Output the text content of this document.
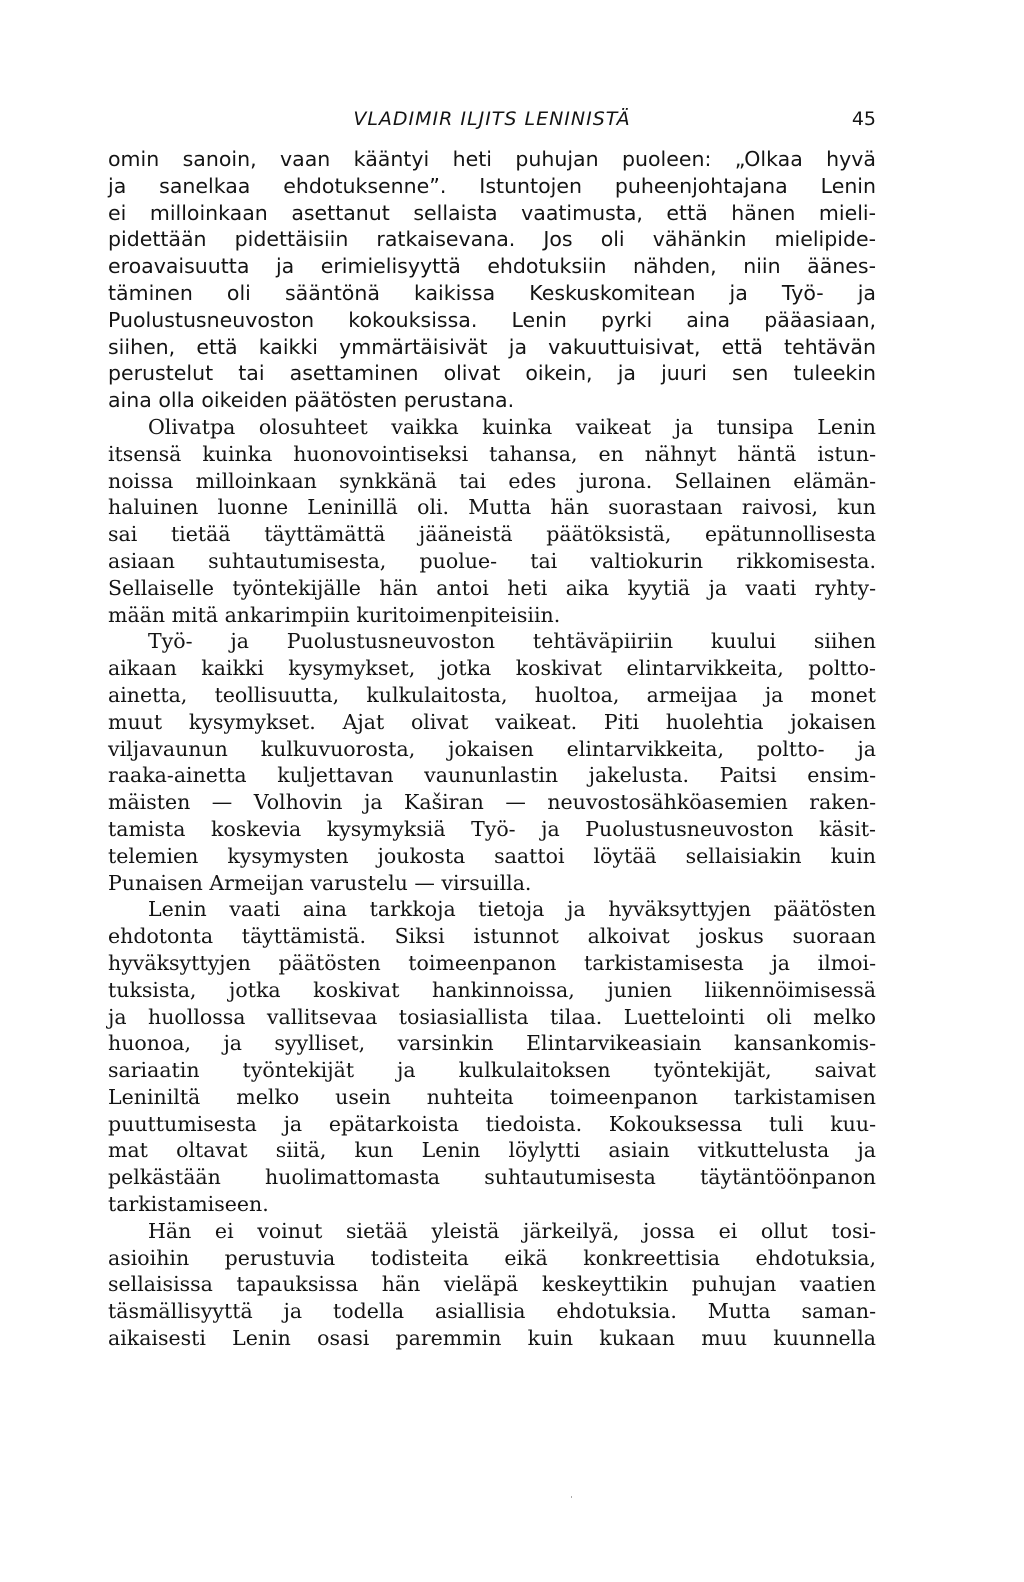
VLADIMIR ILJITS LENINISTÄ	45
omin sanoin, vaan kääntyi heti puhujan puoleen: „Olkaa hyvä
ja sanelkaa ehdotuksenne”. Istuntojen puheenjohtajana Lenin
ei milloinkaan asettanut sellaista vaatimusta, että hänen mieli-
pidettään pidettäisiin ratkaisevana. Jos oli vähänkin mielipide-
eroavaisuutta ja erimielisyyttä ehdotuksiin nähden, niin äänes-
täminen oli sääntönä kaikissa Keskuskomitean ja Työ- ja
Puolustusneuvoston kokouksissa. Lenin pyrki aina pääasiaan,
siihen, että kaikki ymmärtäisivät ja vakuuttuisivat, että tehtävän
perustelut tai asettaminen olivat oikein, ja juuri sen tuleekin
aina olla oikeiden päätösten perustana.
Olivatpa olosuhteet vaikka kuinka vaikeat ja tunsipa Lenin
itsensä kuinka huonovointiseksi tahansa, en nähnyt häntä istun-
noissa milloinkaan synkkänä tai edes jurona. Sellainen elämän-
haluinen luonne Leninillä oli. Mutta hän suorastaan raivosi, kun
sai tietää täyttämättä jääneistä päätöksistä, epätunnollisesta
asiaan suhtautumisesta, puolue- tai valtiokurin rikkomisesta.
Sellaiselle työntekijälle hän antoi heti aika kyytiä ja vaati ryhty-
mään mitä ankarimpiin kuritoimenpiteisiin.
Työ- ja Puolustusneuvoston tehtäväpiiriin kuului siihen
aikaan kaikki kysymykset, jotka koskivat elintarvikkeita, poltto-
ainetta, teollisuutta, kulkulaitosta, huoltoa, armeijaa ja monet
muut kysymykset. Ajat olivat vaikeat. Piti huolehtia jokaisen
viljavaunun kulkuvuorosta, jokaisen elintarvikkeita, poltto- ja
raaka-ainetta kuljettavan vaununlastin jakelusta. Paitsi ensim-
mäisten — Volhovin ja Kaširan — neuvostosähköasemien raken-
tamista koskevia kysymyksiä Työ- ja Puolustusneuvoston käsit-
telemien kysymysten joukosta saattoi löytää sellaisiakin kuin
Punaisen Armeijan varustelu — virsuilla.
Lenin vaati aina tarkkoja tietoja ja hyväksyttyjen päätösten
ehdotonta täyttämistä. Siksi istunnot alkoivat joskus suoraan
hyväksyttyjen päätösten toimeenpanon tarkistamisesta ja ilmoi-
tuksista, jotka koskivat hankinnoissa, junien liikennöimisessä
ja huollossa vallitsevaa tosiasiallista tilaa. Luettelointi oli melko
huonoa, ja syylliset, varsinkin Elintarvikeasiain kansankomis-
sariaatin työntekijät ja kulkulaitoksen työntekijät, saivat
Leniniltä melko usein nuhteita toimeenpanon tarkistamisen
puuttumisesta ja epätarkoista tiedoista. Kokouksessa tuli kuu-
mat oltavat siitä, kun Lenin löylytti asiain vitkuttelusta ja
pelkästään huolimattomasta suhtautumisesta täytäntöönpanon
tarkistamiseen.
Hän ei voinut sietää yleistä järkeilyä, jossa ei ollut tosi-
asioihin perustuvia todisteita eikä konkreettisia ehdotuksia,
sellaisissa tapauksissa hän vieläpä keskeyttikin puhujan vaatien
täsmällisyyttä ja todella asiallisia ehdotuksia. Mutta saman-
aikaisesti Lenin osasi paremmin kuin kukaan muu kuunnella
